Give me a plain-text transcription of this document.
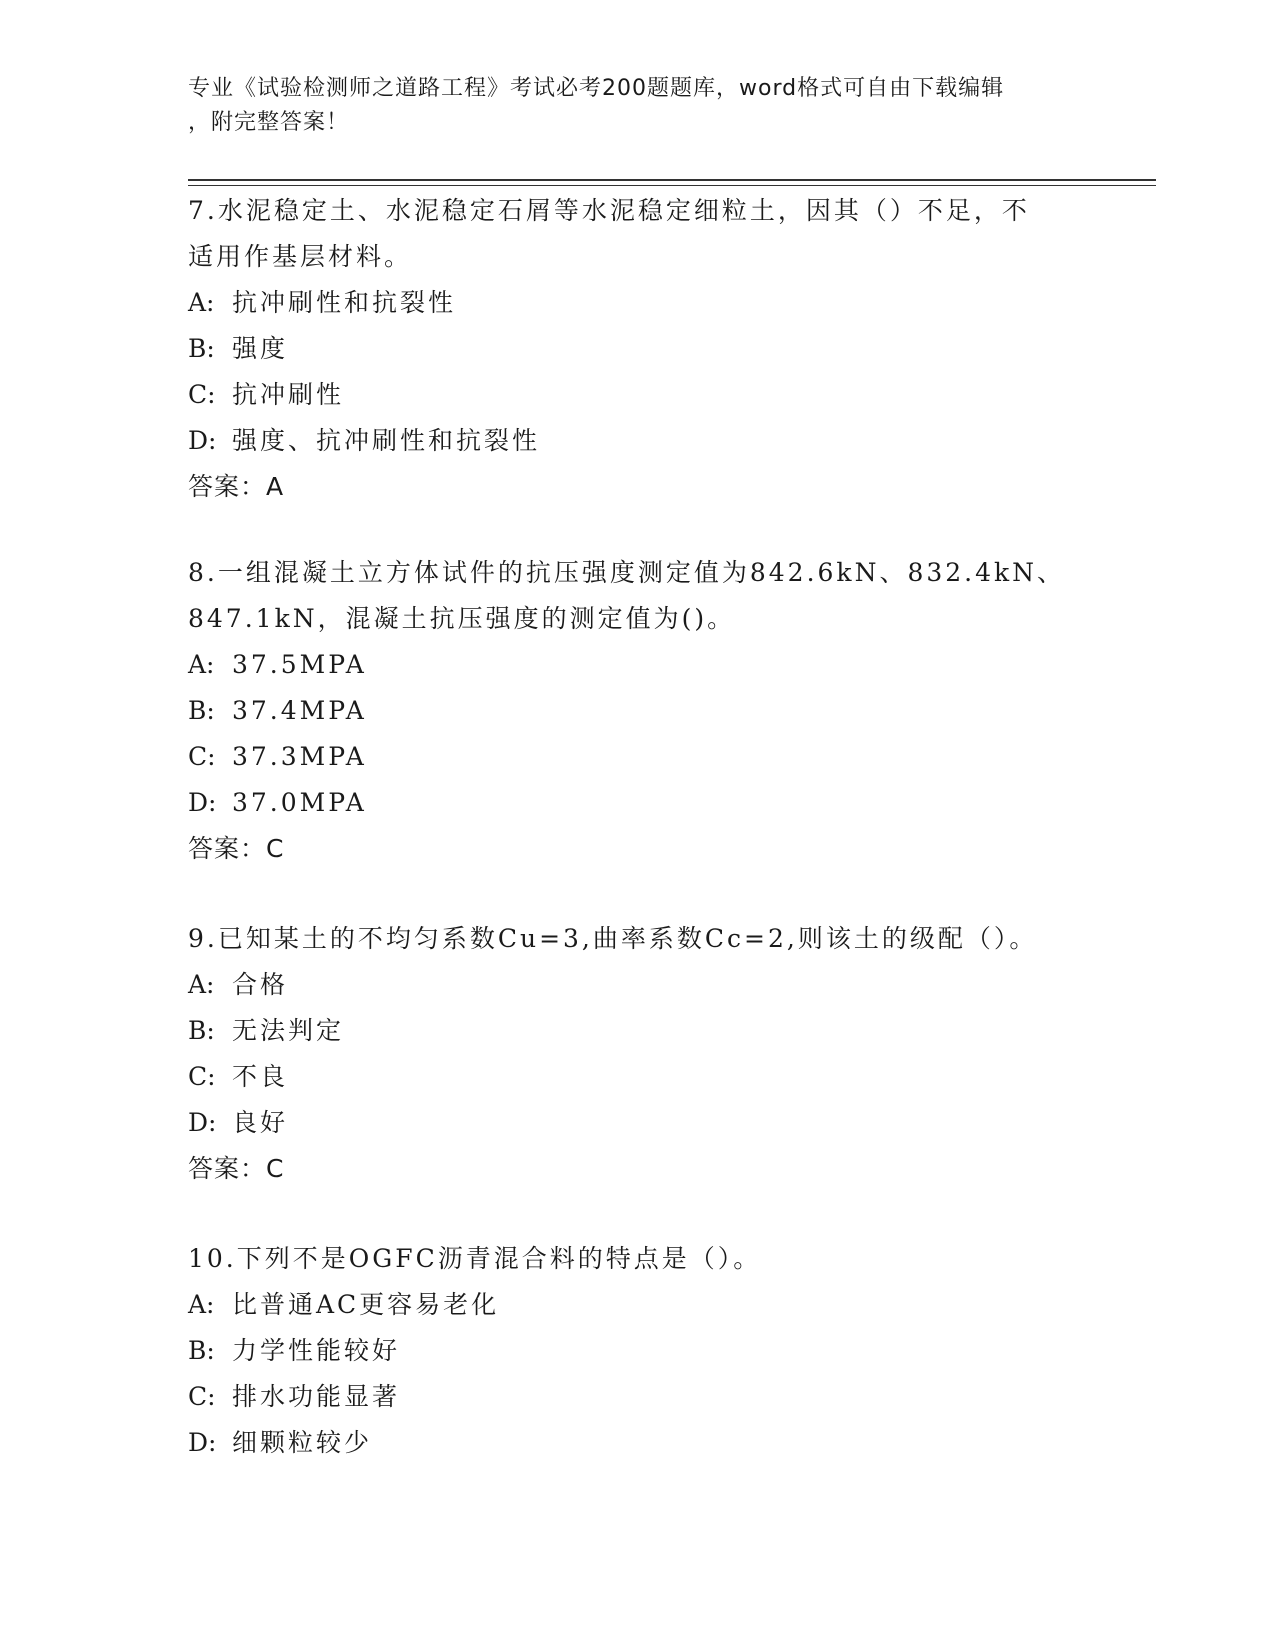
专业《试验检测师之道路工程》考试必考200题题库，word格式可自由下载编辑
，附完整答案！

7.水泥稳定土、水泥稳定石屑等水泥稳定细粒土，因其（）不足，不

适用作基层材料。

A: 抗冲刷性和抗裂性

B: 强度

C: 抗冲刷性

D: 强度、抗冲刷性和抗裂性

答案：A

8.一组混凝土立方体试件的抗压强度测定值为842.6kN、832.4kN、

847.1kN，混凝土抗压强度的测定值为()。

A: 37.5MPA

B: 37.4MPA

C: 37.3MPA

D: 37.0MPA

答案：C

9.已知某土的不均匀系数Cu=3,曲率系数Cc=2,则该土的级配（）。

A: 合格

B: 无法判定

C: 不良

D: 良好

答案：C

10.下列不是OGFC沥青混合料的特点是（）。

A: 比普通AC更容易老化

B: 力学性能较好

C: 排水功能显著

D: 细颗粒较少
